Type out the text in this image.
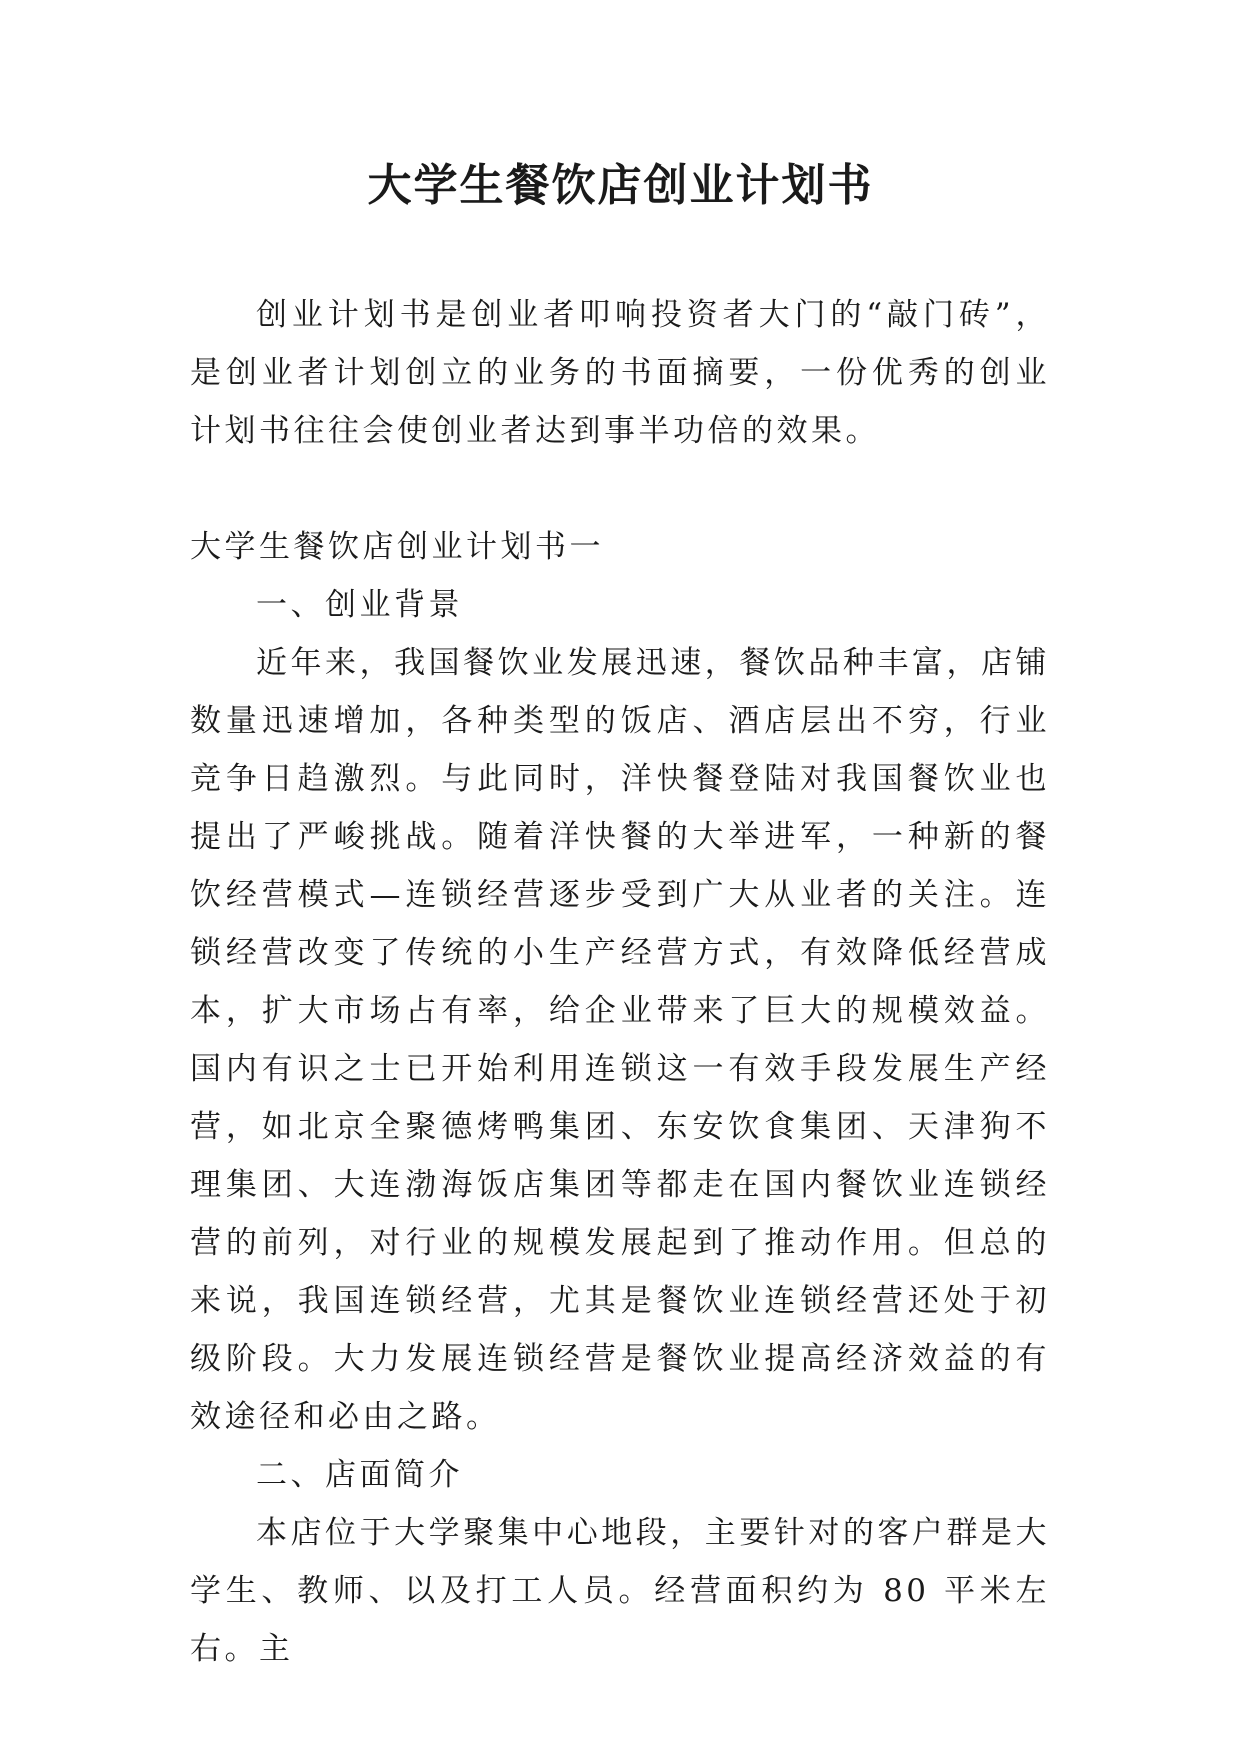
大学生餐饮店创业计划书

创业计划书是创业者叩响投资者大门的“敲门砖”，是创业者计划创立的业务的书面摘要，一份优秀的创业计划书往往会使创业者达到事半功倍的效果。

大学生餐饮店创业计划书一

一、创业背景

近年来，我国餐饮业发展迅速，餐饮品种丰富，店铺数量迅速增加，各种类型的饭店、酒店层出不穷，行业竞争日趋激烈。与此同时，洋快餐登陆对我国餐饮业也提出了严峻挑战。随着洋快餐的大举进军，一种新的餐饮经营模式—连锁经营逐步受到广大从业者的关注。连锁经营改变了传统的小生产经营方式，有效降低经营成本，扩大市场占有率，给企业带来了巨大的规模效益。国内有识之士已开始利用连锁这一有效手段发展生产经营，如北京全聚德烤鸭集团、东安饮食集团、天津狗不理集团、大连渤海饭店集团等都走在国内餐饮业连锁经营的前列，对行业的规模发展起到了推动作用。但总的来说，我国连锁经营，尤其是餐饮业连锁经营还处于初级阶段。大力发展连锁经营是餐饮业提高经济效益的有效途径和必由之路。

二、店面简介

本店位于大学聚集中心地段，主要针对的客户群是大学生、教师、以及打工人员。经营面积约为 80 平米左右。主
